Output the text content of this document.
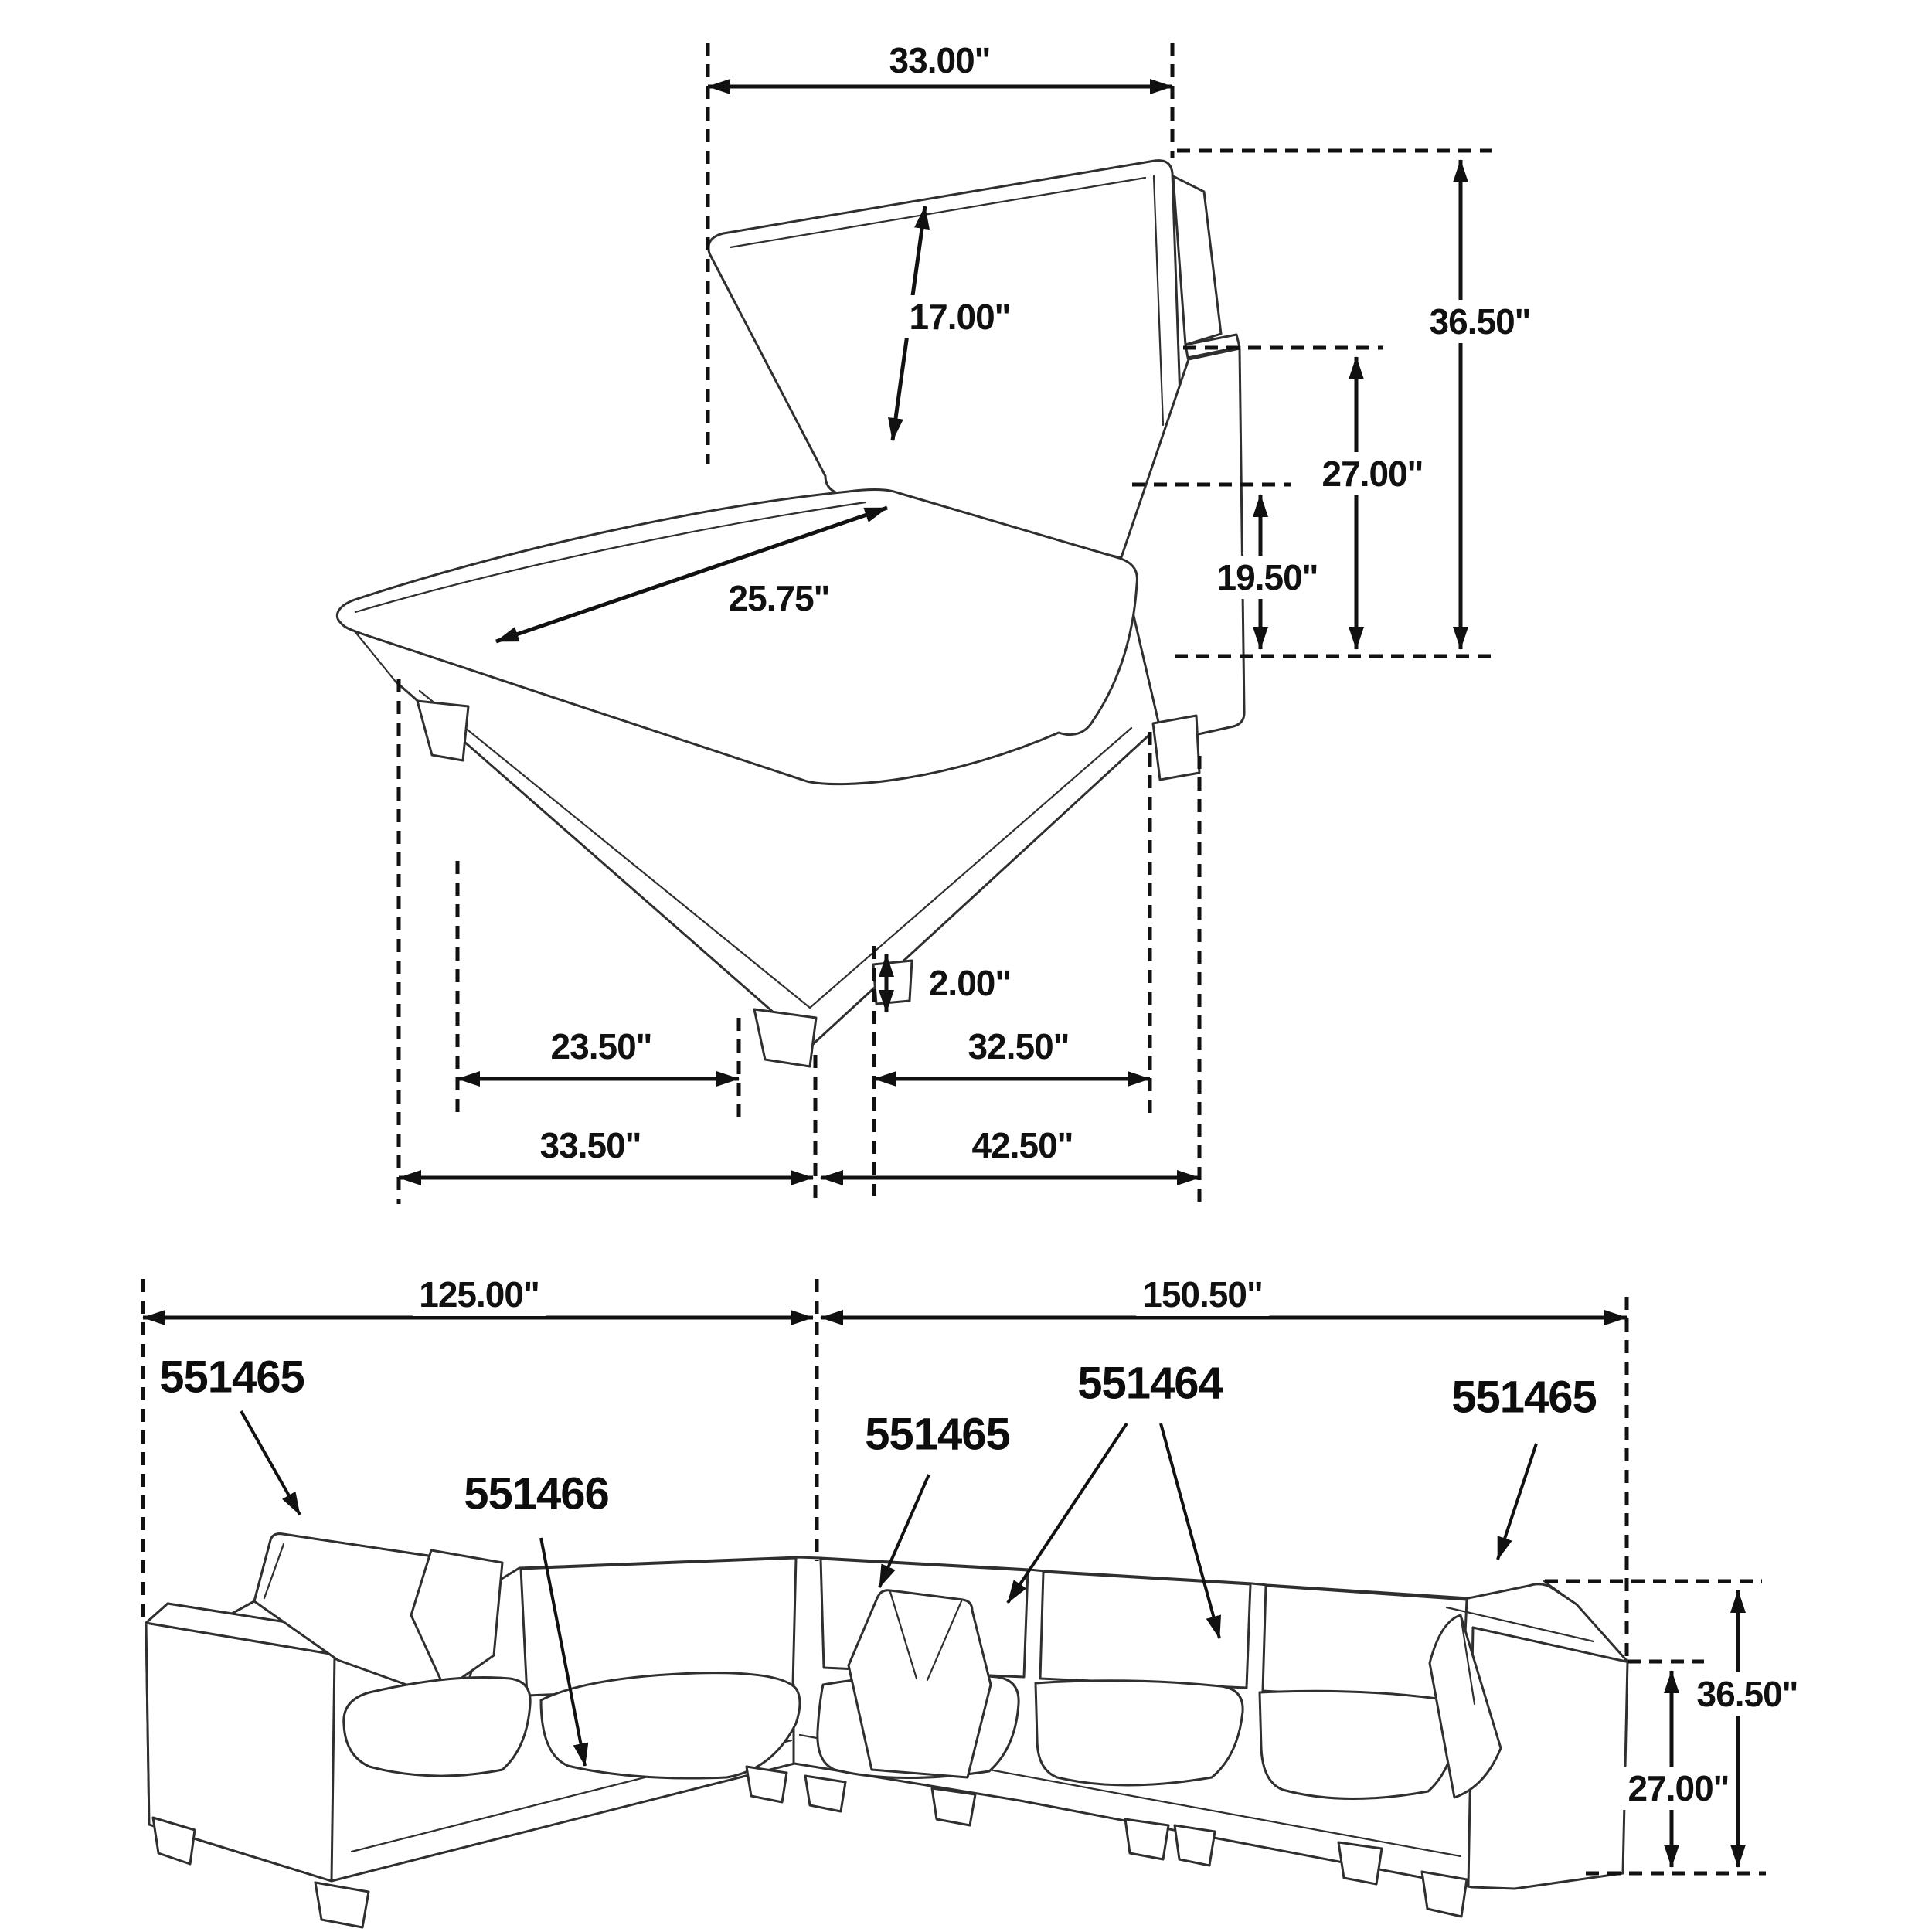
33.00"
17.00"	36.50"
27.00"
19.50"
25.75"
2.00"
23.50"	32.50"
33.50"	42.50"
125.00"	150.50"
36.50"
27.00"
551465
551466
551465
551464	551465
